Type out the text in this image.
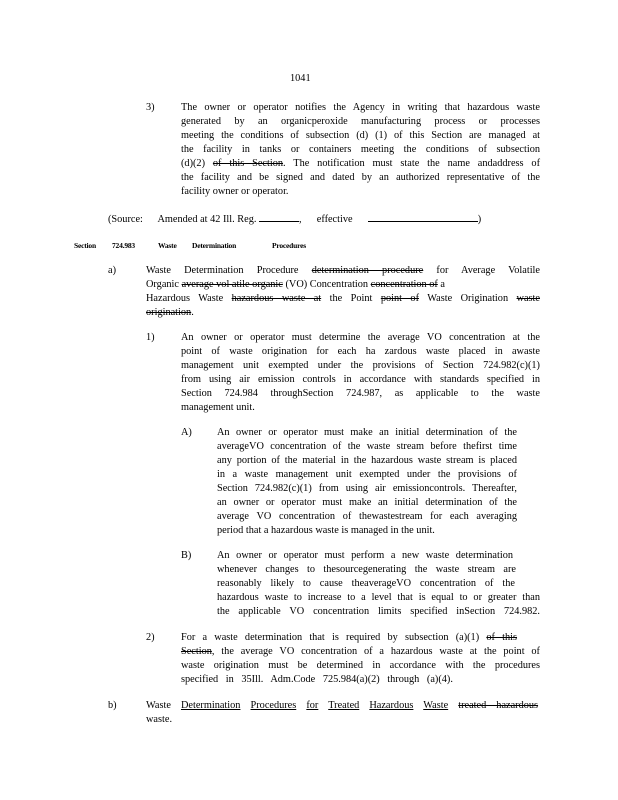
1041
3)	The owner or operator notifies the Agency in writing that hazardous waste

generated by an organicperoxide manufacturing process or processes

meeting the conditions of subsection (d) (1) of this Section are managed at

the facility in tanks or containers meeting the conditions of subsection

(d)(2) of this Section. The notification must state the name andaddress of

the facility and be signed and dated by an authorized representative of the

facility owner or operator.

(Source: Amended at 42 Ill. Reg.	, effective	)
Section 724.983	Waste Determination	Procedures
a)	Waste Determination Procedure determination procedure for Average Volatile

Organic average vol atile organic (VO) Concentration concentration of a

Hazardous Waste hazardous waste at the Point point of Waste Origination waste

origination.

1)	An owner or operator must determine the average VO concentration at the

point of waste origination for each ha zardous waste placed in awaste

management unit exempted under the provisions of Section 724.982(c)(1)

from using air emission controls in accordance with standards specified in

Section 724.984 throughSection 724.987, as applicable to the waste

management unit.

A) An owner or operator must make an initial determination of the

averageVO concentration of the waste stream before thefirst time

any portion of the material in the hazardous waste stream is placed

in a waste management unit exempted under the provisions of

Section 724.982(c)(1) from using air emissioncontrols. Thereafter,

an owner or operator must make an initial determination of the

average VO concentration of thewastestream for each averaging

period that a hazardous waste is managed in the unit.

B) An owner or operator must perform a new waste determination

whenever changes to thesourcegenerating the waste stream are

reasonably likely to cause theaverageVO concentration of the

hazardous waste to increase to a level that is equal to or greater than

the applicable VO concentration limits specified inSection 724.982.

2)	For a waste determination that is required by subsection (a)(1) of this

Section, the average VO concentration of a hazardous waste at the point of

waste origination must be determined in accordance with the procedures

specified in 35Ill. Adm.Code 725.984(a)(2) through (a)(4).

b)	Waste Determination Procedures for Treated Hazardous Waste treated hazardous

waste.
